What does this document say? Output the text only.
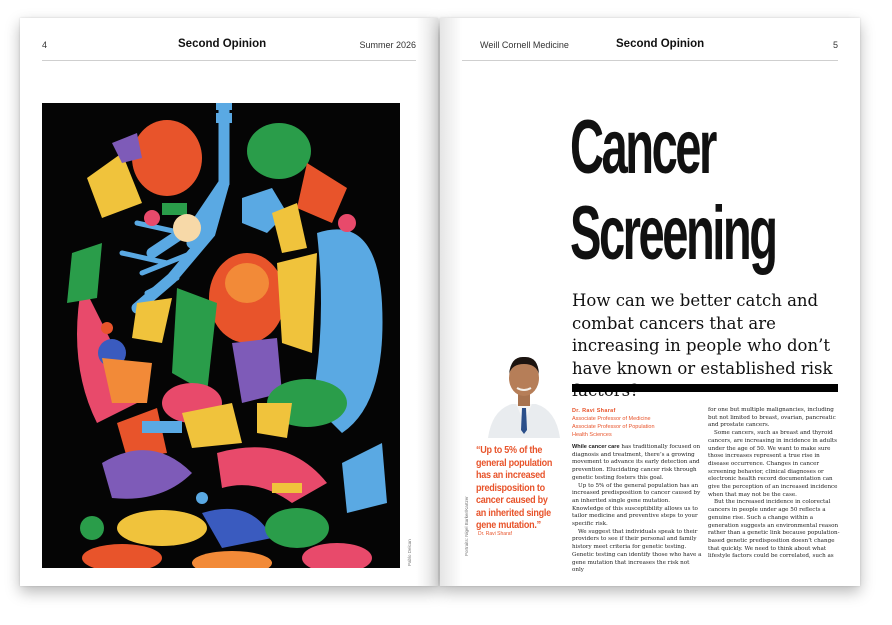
4	Second Opinion	Summer 2026
Pablo Delcan
Weill Cornell Medicine	Second Opinion	5
Cancer
Screening
How can we better catch and combat cancers that are increasing in people who don’t have known or established risk
Portraits: Nigel Barker/Kartzer
Dr. Ravi Sharaf
Associate Professor of Medicine
Associate Professor of Population
Health Sciences
“Up to 5% of the general population has an increased predisposition to cancer caused by an inherited single gene mutation.”
Dr. Ravi Sharaf

While cancer care has traditionally focused on diagnosis and treatment, there’s a growing movement to advance its early detection and prevention. Elucidating cancer risk through genetic testing fosters this goal.

Up to 5% of the general population has an increased predisposition to cancer caused by an inherited single gene mutation. Knowledge of this susceptibility allows us to tailor medicine and preventive steps to your specific risk.

We suggest that individuals speak to their providers to see if their personal and family history meet criteria for genetic testing. Genetic testing can identify those who have a gene mutation that increases the risk not only

for one but multiple malignancies, including but not limited to breast, ovarian, pancreatic and prostate cancers.

Some cancers, such as breast and thyroid cancers, are increasing in incidence in adults under the age of 50. We want to make sure those increases represent a true rise in disease occurrence. Changes in cancer screening behavior, clinical diagnoses or electronic health record documentation can give the perception of an increased incidence when that may not be the case.

But the increased incidence in colorectal cancers in people under age 50 reflects a genuine rise. Such a change within a generation suggests an environmental reason rather than a genetic link because population-based genetic predisposition doesn’t change that quickly. We need to think about what lifestyle factors could be correlated, such as
